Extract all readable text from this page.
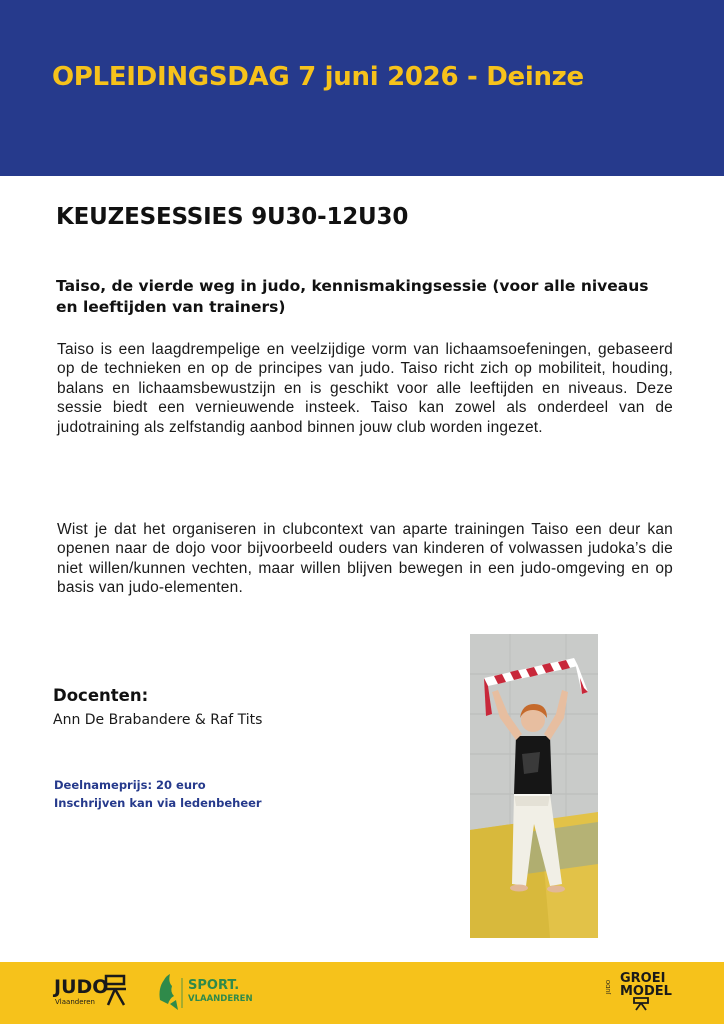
OPLEIDINGSDAG 7 juni 2026 - Deinze
KEUZESESSIES 9U30-12U30
Taiso, de vierde weg in judo, kennismakingsessie (voor alle niveaus en leeftijden van trainers)

Taiso is een laagdrempelige en veelzijdige vorm van lichaamsoefeningen, gebaseerd op de technieken en op de principes van judo. Taiso richt zich op mobiliteit, houding, balans en lichaamsbewustzijn en is geschikt voor alle leeftijden en niveaus. Deze sessie biedt een vernieuwende insteek. Taiso kan zowel als onderdeel van de judotraining als zelfstandig aanbod binnen jouw club worden ingezet.

Wist je dat het organiseren in clubcontext van aparte trainingen Taiso een deur kan openen naar de dojo voor bijvoorbeeld ouders van kinderen of volwassen judoka’s die niet willen/kunnen vechten, maar willen blijven bewegen in een judo-omgeving en op basis van judo-elementen.

Docenten:
Ann De Brabandere & Raf Tits
Deelnameprijs: 20 euro
Inschrijven kan via ledenbeheer
JUDO
Vlaanderen
SPORT.
VLAANDEREN
JUDO
GROEI
MODEL
